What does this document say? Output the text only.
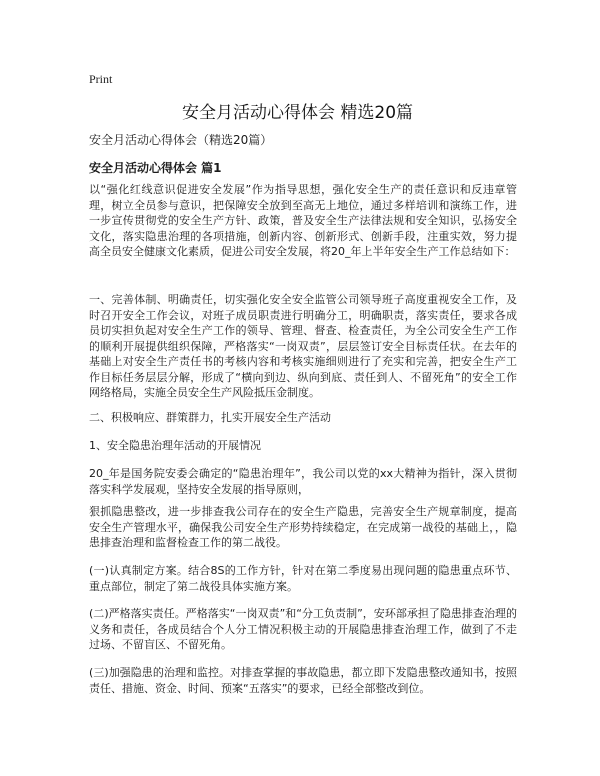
Print
安全月活动心得体会 精选20篇

安全月活动心得体会（精选20篇）

安全月活动心得体会 篇1

以“强化红线意识促进安全发展”作为指导思想，强化安全生产的责任意识和反违章管理，树立全员参与意识，把保障安全放到至高无上地位，通过多样培训和演练工作，进一步宣传贯彻党的安全生产方针、政策，普及安全生产法律法规和安全知识，弘扬安全文化，落实隐患治理的各项措施，创新内容、创新形式、创新手段，注重实效，努力提高全员安全健康文化素质，促进公司安全发展，将20_年上半年安全生产工作总结如下：

一、完善体制、明确责任，切实强化安全安全监管公司领导班子高度重视安全工作，及时召开安全工作会议，对班子成员职责进行明确分工，明确职责，落实责任，要求各成员切实担负起对安全生产工作的领导、管理、督查、检查责任，为全公司安全生产工作的顺利开展提供组织保障，严格落实“一岗双责”，层层签订安全目标责任状。在去年的基础上对安全生产责任书的考核内容和考核实施细则进行了充实和完善，把安全生产工作目标任务层层分解，形成了“横向到边、纵向到底、责任到人、不留死角”的安全工作网络格局，实施全员安全生产风险抵压金制度。

二、积极响应、群策群力，扎实开展安全生产活动

1、安全隐患治理年活动的开展情况

20_年是国务院安委会确定的“隐患治理年”，我公司以党的xx大精神为指针，深入贯彻落实科学发展观，坚持安全发展的指导原则，

狠抓隐患整改，进一步排查我公司存在的安全生产隐患，完善安全生产规章制度，提高安全生产管理水平，确保我公司安全生产形势持续稳定，在完成第一战役的基础上，，隐患排查治理和监督检查工作的第二战役。

(一)认真制定方案。结合8S的工作方针，针对在第二季度易出现问题的隐患重点环节、重点部位，制定了第二战役具体实施方案。

(二)严格落实责任。严格落实“一岗双责”和“分工负责制”，安环部承担了隐患排查治理的义务和责任，各成员结合个人分工情况积极主动的开展隐患排查治理工作，做到了不走过场、不留盲区、不留死角。

(三)加强隐患的治理和监控。对排查掌握的事故隐患，都立即下发隐患整改通知书，按照责任、措施、资金、时间、预案“五落实”的要求，已经全部整改到位。
